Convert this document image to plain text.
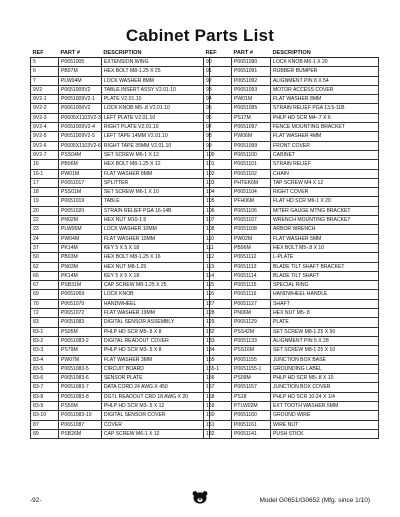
Cabinet Parts List
REF	PART #	DESCRIPTION
5	P0651005	EXTENSION WING
6	PB07M	HEX BOLT M8-1.25 X 25
7	PLW04M	LOCK WASHER 8MM
9V2	P0651009V2	TABLE INSERT ASSY V2.01.10
9V2-1	P0651009V2-1	PLATE V2.01.10
9V2-2	P0661006V2	LOCK KNOB M5-.8 V2.01.10
9V2-3	P0605X1103V2-3	LEFT PLATE V2.01.10
9V2-4	P0651009V2-4	RIGHT PLATE V2.01.10
9V2-5	P0651009V2-5	LEFT TAPE 14MM V2.01.10
9V2-6	P0605X1103V2-6	RIGHT TAPE 35MM V2.01.10
9V2-7	PSS04M	SET SCREW M6-1 X 12
16	PB06M	HEX BOLT M8-1.25 X 12
16-1	PW01M	FLAT WASHER 8MM
17	P0651017	SPLITTER
18	PSS01M	SET SCREW M6-1 X 10
19	P0651019	TABLE
20	P0651020	STRAIN RELIEF PGA 16-14B
22	PN02M	HEX NUT M10-1.5
23	PLW06M	LOCK WASHER 10MM
24	PW04M	FLAT WASHER 10MM
37	PK14M	KEY 5 X 5 X 18
50	PB03M	HEX BOLT M8-1.25 X 16
62	PN03M	HEX NUT M8-1.25
66	PK14M	KEY 5 X 5 X 18
67	PSB31M	CAP SCREW M8-1.25 X 25
69	P0651069	LOCK KNOB
70	P0651070	HANDWHEEL
72	P0651072	FLAT WASHER 19MM
83	P0651083	DIGITAL SENSOR ASSEMBLY
83-1	PS05M	PHLP HD SCR M5-.8 X 8
83-2	P0651083-2	DIGITAL READOUT COVER
83-3	PS79M	PHLP HD SCR M3-.5 X 8
83-4	PW07M	FLAT WASHER 3MM
83-5	P0651083-5	CIRCUIT BOARD
83-6	P0651083-6	SENSOR PLATE
83-7	P0651083-7	DATA CORD 24 AWG X 450
83-8	P0651083-8	DGTL READOUT CRD 18 AWG X 20
83-9	PS50M	PHLP HD SCR M3-.5 X 12
83-10	P0651083-10	DIGITAL SENSOR COVER
87	P0651087	COVER
89	PSB26M	CAP SCREW M6-1 X 12
REF	PART #	DESCRIPTION
90	P0651090	LOCK KNOB M6-1 X 20
91	P0651091	RUBBER BUMPER
92	P0651092	ALIGNMENT PIN 8 X 54
93	P0651093	MOTOR ACCESS COVER
94	PW01M	FLAT WASHER 8MM
95	P0651095	STRAIN RELIEF PGA 13.5-11B
96	PS17M	PHLP HD SCR M4-.7 X 6
97	P0651097	FENCE MOUNTING BRACKET
98	PW06M	FLAT WASHER 4MM
99	P0651099	FRONT COVER
100	P0651100	CABINET
101	P0651101	STRAIN RELIEF
102	P0651102	CHAIN
103	PHTEK6M	TAP SCREW M4 X 12
104	P0651104	RIGHT COVER
105	PFH06M	FLAT HD SCR M6-1 X 20
106	P0651106	MITER GAUGE MTNG BRACKET
107	P0651107	WRENCH MOUNTING BRACKET
108	P0651108	ARBOR WRENCH
110	PW02M	FLAT WASHER 5MM
111	PB96M	HEX BOLT M5-.8 X 10
112	P0651112	L-PLATE
113	P0651113	BLADE TILT SHAFT BRACKET
114	P0651114	BLADE TILT SHAFT
115	P0651115	SPECIAL RING
116	P0651116	HANDWHEEL HANDLE
127	P0651127	SHAFT
128	PN06M	HEX NUT M5-.8
129	P0651129	PLATE
132	PSS42M	SET SCREW M8-1.25 X 50
133	P0651133	ALIGNMENT PIN 5 X 28
134	PSS16M	SET SCREW M8-1.25 X 10
155	P0651155	JUNCTION BOX BASE
155-1	P0651155-1	GROUNDING LABEL
156	PS09M	PHLP HD SCR M5-.8 X 10
157	P0651157	JUNCTION BOX COVER
158	PS18	PHLP HD SCR 10-24 X 1/4
159	PTLW02M	EXT TOOTH WASHER 5MM
160	P0651160	GROUND WIRE
161	P0651161	WIRE NUT
182	P0651141	PUSH STICK
-92-	Model G0651/G0652 (Mfg. since 1/10)
